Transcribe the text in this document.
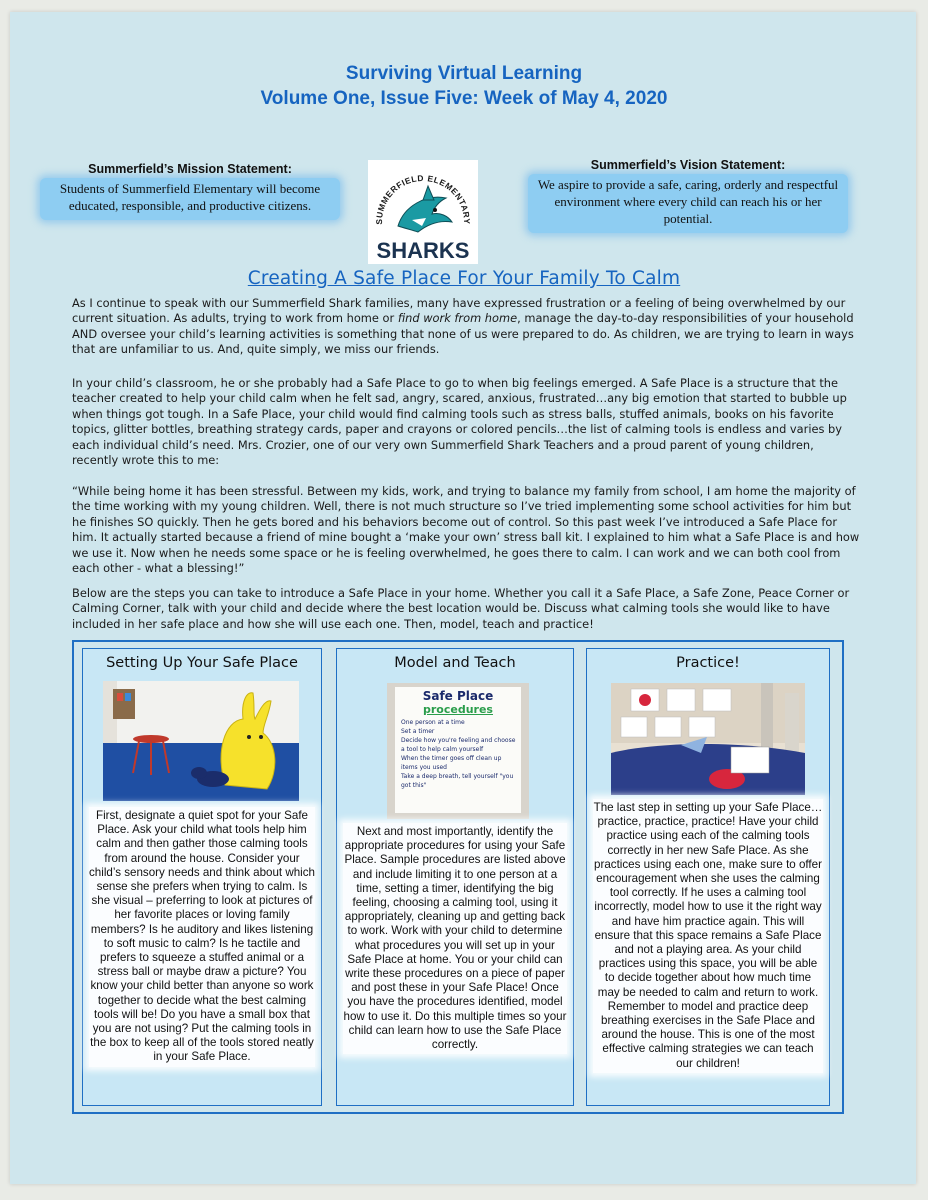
Surviving Virtual Learning
Volume One, Issue Five: Week of May 4, 2020
Summerfield’s Mission Statement:
Students of Summerfield Elementary will become educated, responsible, and productive citizens.
SUMMERFIELD ELEMENTARY
SHARKS
Summerfield’s Vision Statement:
We aspire to provide a safe, caring, orderly and respectful environment where every child can reach his or her potential.
Creating A Safe Place For Your Family To Calm

As I continue to speak with our Summerfield Shark families, many have expressed frustration or a feeling of being overwhelmed by our current situation. As adults, trying to work from home or find work from home, manage the day-to-day responsibilities of your household AND oversee your child’s learning activities is something that none of us were prepared to do. As children, we are trying to learn in ways that are unfamiliar to us. And, quite simply, we miss our friends.

In your child’s classroom, he or she probably had a Safe Place to go to when big feelings emerged. A Safe Place is a structure that the teacher created to help your child calm when he felt sad, angry, scared, anxious, frustrated…any big emotion that started to bubble up when things got tough. In a Safe Place, your child would find calming tools such as stress balls, stuffed animals, books on his favorite topics, glitter bottles, breathing strategy cards, paper and crayons or colored pencils…the list of calming tools is endless and varies by each individual child’s need. Mrs. Crozier, one of our very own Summerfield Shark Teachers and a proud parent of young children, recently wrote this to me:

“While being home it has been stressful. Between my kids, work, and trying to balance my family from school, I am home the majority of the time working with my young children. Well, there is not much structure so I’ve tried implementing some school activities for him but he finishes SO quickly. Then he gets bored and his behaviors become out of control. So this past week I’ve introduced a Safe Place for him. It actually started because a friend of mine bought a ‘make your own’ stress ball kit. I explained to him what a Safe Place is and how we use it. Now when he needs some space or he is feeling overwhelmed, he goes there to calm. I can work and we can both cool from each other - what a blessing!”

Below are the steps you can take to introduce a Safe Place in your home. Whether you call it a Safe Place, a Safe Zone, Peace Corner or Calming Corner, talk with your child and decide where the best location would be. Discuss what calming tools she would like to have included in her safe place and how she will use each one. Then, model, teach and practice!

Setting Up Your Safe Place
First, designate a quiet spot for your Safe Place. Ask your child what tools help him calm and then gather those calming tools from around the house. Consider your child’s sensory needs and think about which sense she prefers when trying to calm. Is she visual – preferring to look at pictures of her favorite places or loving family members? Is he auditory and likes listening to soft music to calm? Is he tactile and prefers to squeeze a stuffed animal or a stress ball or maybe draw a picture? You know your child better than anyone so work together to decide what the best calming tools will be! Do you have a small box that you are not using? Put the calming tools in the box to keep all of the tools stored neatly in your Safe Place.
Model and Teach
Safe Place
procedures
One person at a time
Set a timer
Decide how you're feeling and choose a tool to help calm yourself
When the timer goes off clean up items you used
Take a deep breath, tell yourself "you got this"
Next and most importantly, identify the appropriate procedures for using your Safe Place. Sample procedures are listed above and include limiting it to one person at a time, setting a timer, identifying the big feeling, choosing a calming tool, using it appropriately, cleaning up and getting back to work. Work with your child to determine what procedures you will set up in your Safe Place at home. You or your child can write these procedures on a piece of paper and post these in your Safe Place! Once you have the procedures identified, model how to use it. Do this multiple times so your child can learn how to use the Safe Place correctly.
Practice!
The last step in setting up your Safe Place…practice, practice, practice! Have your child practice using each of the calming tools correctly in her new Safe Place. As she practices using each one, make sure to offer encouragement when she uses the calming tool correctly. If he uses a calming tool incorrectly, model how to use it the right way and have him practice again. This will ensure that this space remains a Safe Place and not a playing area. As your child practices using this space, you will be able to decide together about how much time may be needed to calm and return to work. Remember to model and practice deep breathing exercises in the Safe Place and around the house. This is one of the most effective calming strategies we can teach our children!
